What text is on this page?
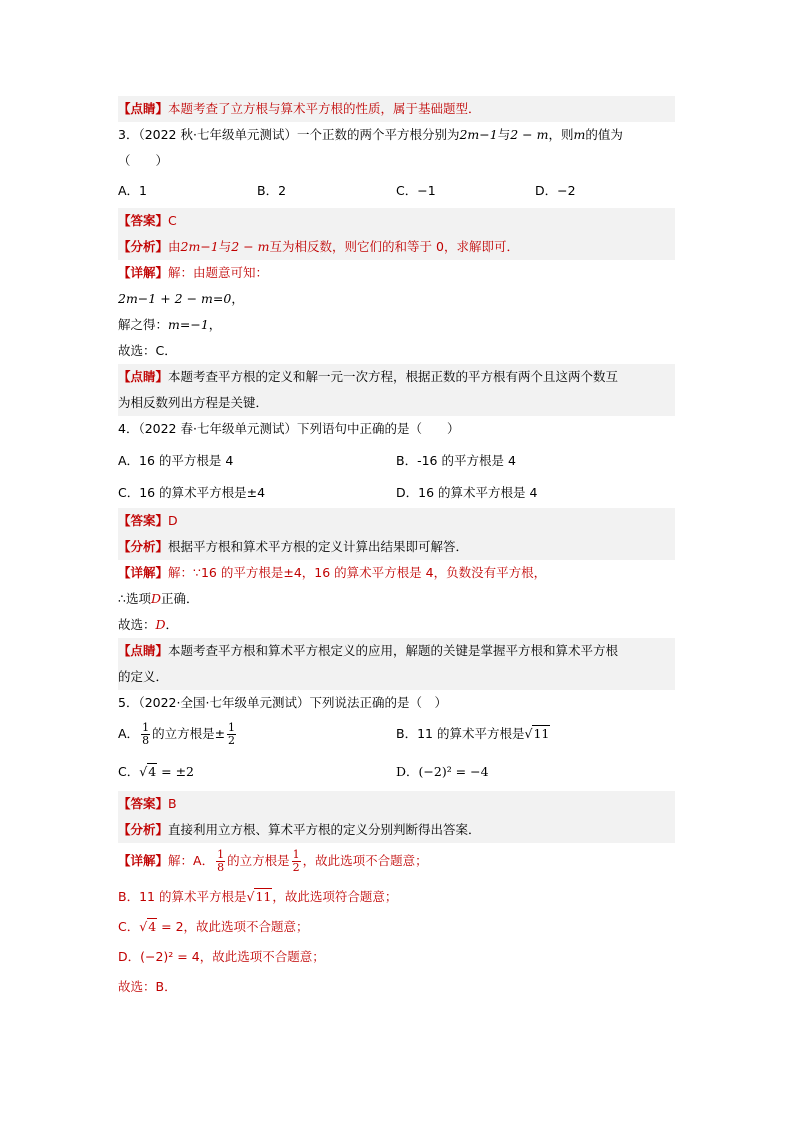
【点睛】本题考查了立方根与算术平方根的性质，属于基础题型．
3．（2022 秋·七年级单元测试）一个正数的两个平方根分别为2m−1与2 − m，则m的值为
（　　）
A．1	B．2	C．−1	D．−2
【答案】C
【分析】由2m−1与2 − m互为相反数，则它们的和等于 0，求解即可．
【详解】解：由题意可知：
2m−1 + 2 − m=0，
解之得：m=−1，
故选：C．
【点睛】本题考查平方根的定义和解一元一次方程，根据正数的平方根有两个且这两个数互
为相反数列出方程是关键．
4．（2022 春·七年级单元测试）下列语句中正确的是（　　）
A．16 的平方根是 4	B．-16 的平方根是 4
C．16 的算术平方根是±4	D．16 的算术平方根是 4
【答案】D
【分析】根据平方根和算术平方根的定义计算出结果即可解答．
【详解】解：∵16 的平方根是±4，16 的算术平方根是 4，负数没有平方根，
∴选项D正确．
故选：D．
【点睛】本题考查平方根和算术平方根定义的应用，解题的关键是掌握平方根和算术平方根
的定义．
5．（2022·全国·七年级单元测试）下列说法正确的是（　）
A． $\frac{1}{8}$ 的立方根是± $\frac{1}{2}$	B．11 的算术平方根是√11
C．√4 = ±2	D．(−2)² = −4
【答案】B
【分析】直接利用立方根、算术平方根的定义分别判断得出答案．
【详解】解：A． $\frac{1}{8}$ 的立方根是 $\frac{1}{2}$ ，故此选项不合题意；
B．11 的算术平方根是√11，故此选项符合题意；
C．√4 = 2，故此选项不合题意；
D．(−2)² = 4，故此选项不合题意；
故选：B．
